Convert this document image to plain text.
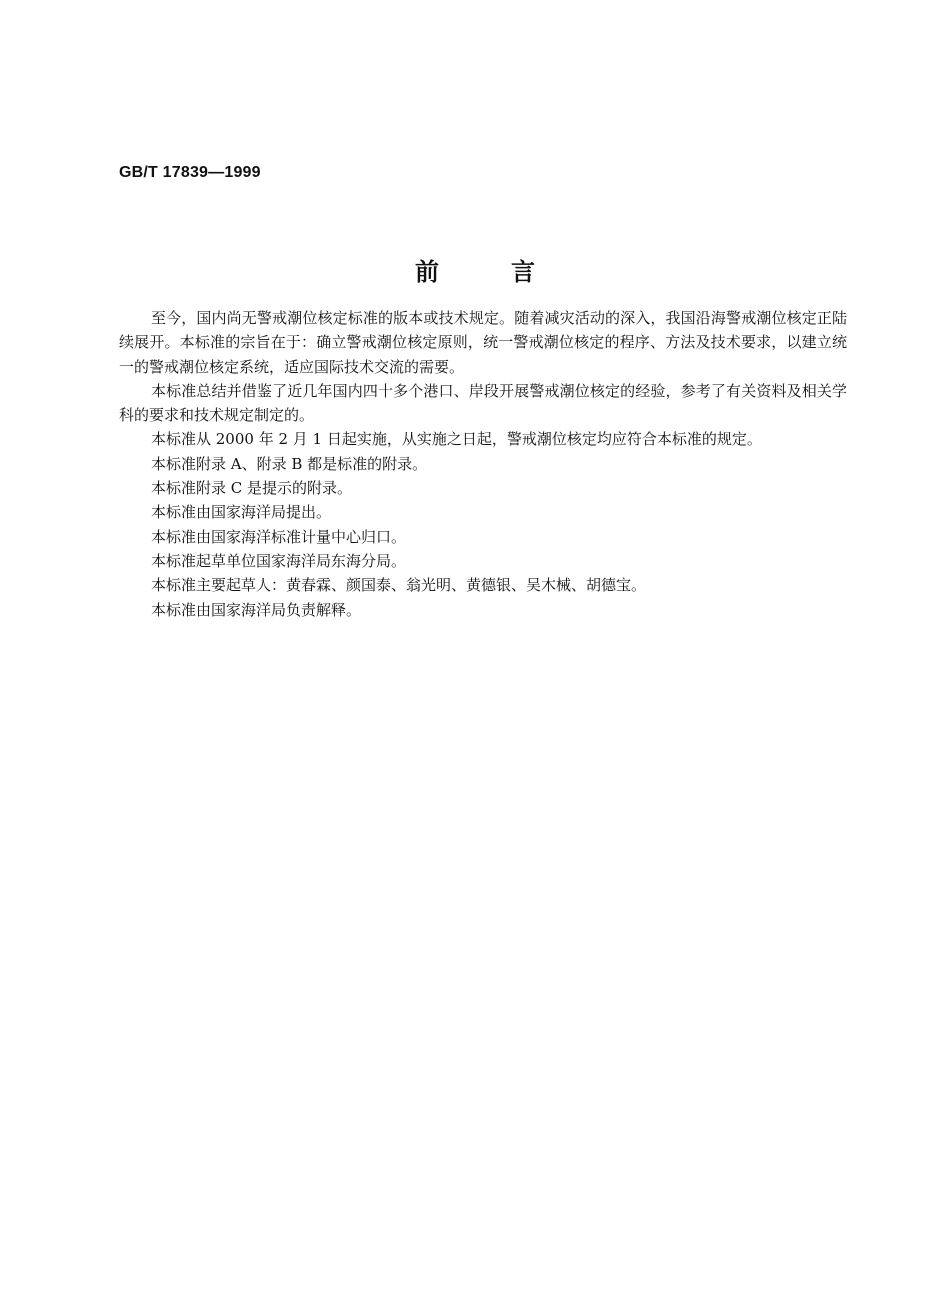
GB/T 17839—1999
前	言

至今，国内尚无警戒潮位核定标准的版本或技术规定。随着减灾活动的深入，我国沿海警戒潮位核定正陆续展开。本标准的宗旨在于：确立警戒潮位核定原则，统一警戒潮位核定的程序、方法及技术要求，以建立统一的警戒潮位核定系统，适应国际技术交流的需要。

本标准总结并借鉴了近几年国内四十多个港口、岸段开展警戒潮位核定的经验，参考了有关资料及相关学科的要求和技术规定制定的。

本标准从 2000 年 2 月 1 日起实施，从实施之日起，警戒潮位核定均应符合本标准的规定。

本标准附录 A、附录 B 都是标准的附录。

本标准附录 C 是提示的附录。

本标准由国家海洋局提出。

本标准由国家海洋标准计量中心归口。

本标准起草单位国家海洋局东海分局。

本标准主要起草人：黄春霖、颜国泰、翁光明、黄德银、吴木械、胡德宝。

本标准由国家海洋局负责解释。
